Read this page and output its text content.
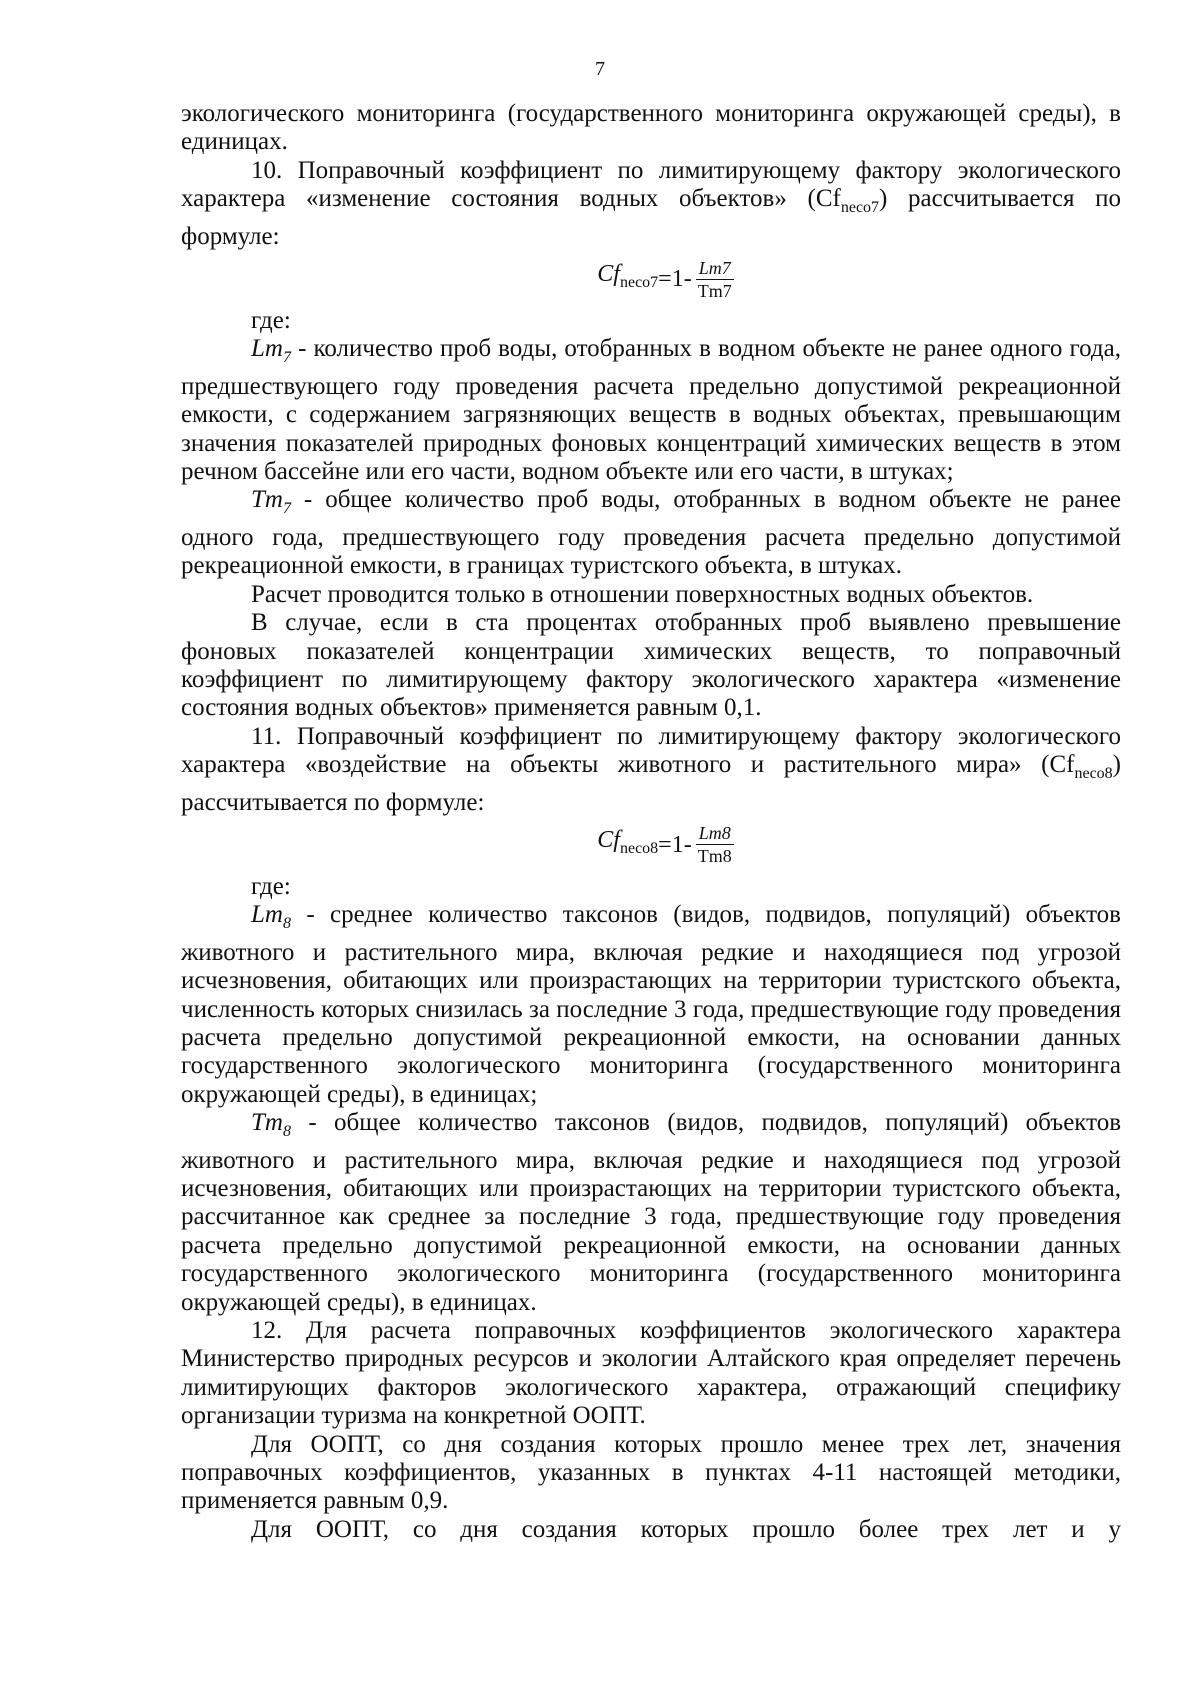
7

экологического мониторинга (государственного мониторинга окружающей среды), в единицах.

10. Поправочный коэффициент по лимитирующему фактору экологического характера «изменение состояния водных объектов» $(Cf_{neco7})$ рассчитывается по формуле:

$Cf_{neco7} =1- \frac{Lm7}{Tm7}$

где:

$Lm_7$ - количество проб воды, отобранных в водном объекте не ранее одного года, предшествующего году проведения расчета предельно допустимой рекреационной емкости, с содержанием загрязняющих веществ в водных объектах, превышающим значения показателей природных фоновых концентраций химических веществ в этом речном бассейне или его части, водном объекте или его части, в штуках;

$Tm_7$ - общее количество проб воды, отобранных в водном объекте не ранее одного года, предшествующего году проведения расчета предельно допустимой рекреационной емкости, в границах туристского объекта, в штуках.

Расчет проводится только в отношении поверхностных водных объектов.

В случае, если в ста процентах отобранных проб выявлено превышение фоновых показателей концентрации химических веществ, то поправочный коэффициент по лимитирующему фактору экологического характера «изменение состояния водных объектов» применяется равным 0,1.

11. Поправочный коэффициент по лимитирующему фактору экологического характера «воздействие на объекты животного и растительного мира» $(Cf_{neco8})$ рассчитывается по формуле:

$Cf_{neco8} =1- \frac{Lm8}{Tm8}$

где:

$Lm_8$ - среднее количество таксонов (видов, подвидов, популяций) объектов животного и растительного мира, включая редкие и находящиеся под угрозой исчезновения, обитающих или произрастающих на территории туристского объекта, численность которых снизилась за последние 3 года, предшествующие году проведения расчета предельно допустимой рекреационной емкости, на основании данных государственного экологического мониторинга (государственного мониторинга окружающей среды), в единицах;

$Tm_8$ - общее количество таксонов (видов, подвидов, популяций) объектов животного и растительного мира, включая редкие и находящиеся под угрозой исчезновения, обитающих или произрастающих на территории туристского объекта, рассчитанное как среднее за последние 3 года, предшествующие году проведения расчета предельно допустимой рекреационной емкости, на основании данных государственного экологического мониторинга (государственного мониторинга окружающей среды), в единицах.

12. Для расчета поправочных коэффициентов экологического характера Министерство природных ресурсов и экологии Алтайского края определяет перечень лимитирующих факторов экологического характера, отражающий специфику организации туризма на конкретной ООПТ.

Для ООПТ, со дня создания которых прошло менее трех лет, значения поправочных коэффициентов, указанных в пунктах 4-11 настоящей методики, применяется равным 0,9.

Для ООПТ, со дня создания которых прошло более трех лет и у
